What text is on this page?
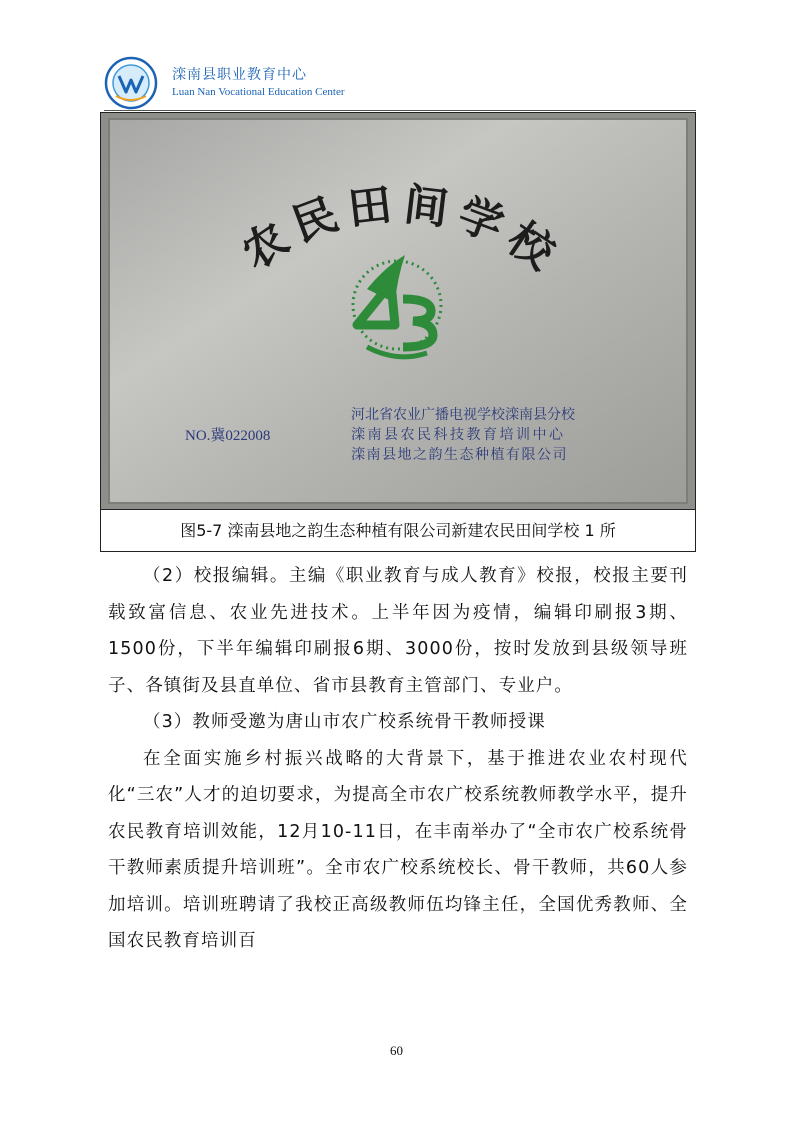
滦南县职业教育中心
Luan Nan Vocational Education Center
农
民 田 间 学
校
NO.冀022008
河北省农业广播电视学校滦南县分校
滦南县农民科技教育培训中心
滦南县地之韵生态种植有限公司
图5-7 滦南县地之韵生态种植有限公司新建农民田间学校 1 所

（2）校报编辑。主编《职业教育与成人教育》校报，校报主要刊载致富信息、农业先进技术。上半年因为疫情，编辑印刷报3期、1500份，下半年编辑印刷报6期、3000份，按时发放到县级领导班子、各镇街及县直单位、省市县教育主管部门、专业户。

（3）教师受邀为唐山市农广校系统骨干教师授课

在全面实施乡村振兴战略的大背景下，基于推进农业农村现代化“三农”人才的迫切要求，为提高全市农广校系统教师教学水平，提升农民教育培训效能，12月10-11日，在丰南举办了“全市农广校系统骨干教师素质提升培训班”。全市农广校系统校长、骨干教师，共60人参加培训。培训班聘请了我校正高级教师伍均锋主任，全国优秀教师、全国农民教育培训百

60
